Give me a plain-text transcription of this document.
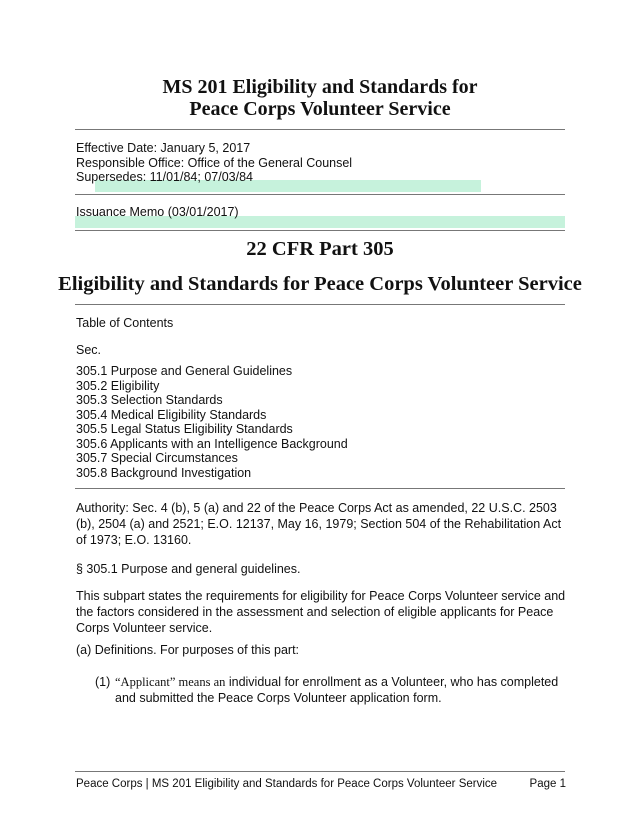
MS 201 Eligibility and Standards for
Peace Corps Volunteer Service
Effective Date: January 5, 2017
Responsible Office: Office of the General Counsel
Supersedes: 11/01/84; 07/03/84
Issuance Memo (03/01/2017)
22 CFR Part 305
Eligibility and Standards for Peace Corps Volunteer Service
Table of Contents
Sec.
305.1 Purpose and General Guidelines
305.2 Eligibility
305.3 Selection Standards
305.4 Medical Eligibility Standards
305.5 Legal Status Eligibility Standards
305.6 Applicants with an Intelligence Background
305.7 Special Circumstances
305.8 Background Investigation
Authority: Sec. 4 (b), 5 (a) and 22 of the Peace Corps Act as amended, 22 U.S.C. 2503 (b), 2504 (a) and 2521; E.O. 12137, May 16, 1979; Section 504 of the Rehabilitation Act of 1973; E.O. 13160.
§ 305.1 Purpose and general guidelines.
This subpart states the requirements for eligibility for Peace Corps Volunteer service and the factors considered in the assessment and selection of eligible applicants for Peace Corps Volunteer service.
(a) Definitions. For purposes of this part:
(1) “Applicant” means an individual for enrollment as a Volunteer, who has completed and submitted the Peace Corps Volunteer application form.
Peace Corps | MS 201 Eligibility and Standards for Peace Corps Volunteer Service	Page 1
